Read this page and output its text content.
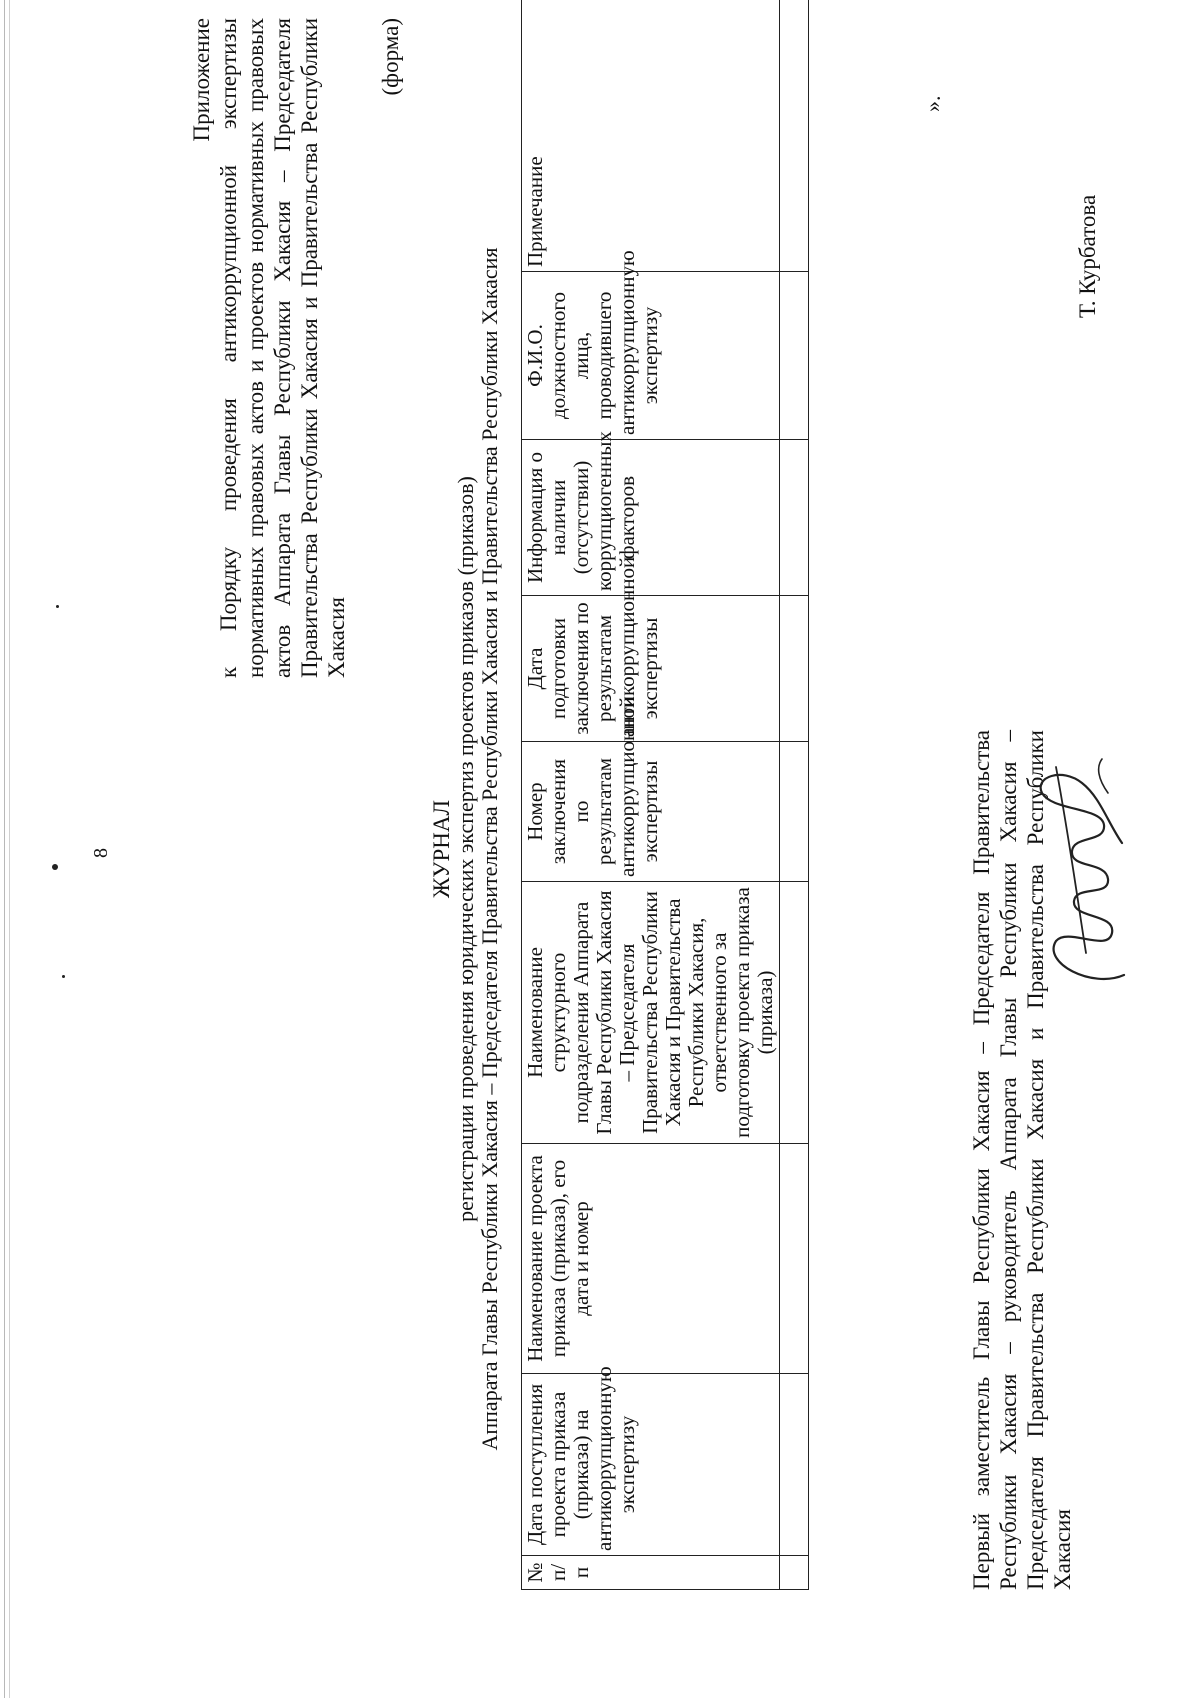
8
Приложение к Порядку проведения антикоррупционной экспертизы нормативных правовых актов и проектов нормативных правовых актов Аппарата Главы Республики Хакасия – Председателя Правительства Республики Хакасия и Правительства Республики Хакасия
(форма)
ЖУРНАЛ регистрации проведения юридических экспертиз проектов приказов (приказов) Аппарата Главы Республики Хакасия – Председателя Правительства Республики Хакасия и Правительства Республики Хакасия
№ п/п	Дата поступления проекта приказа (приказа) на антикоррупционную экспертизу	Наименование проекта приказа (приказа), его дата и номер	Наименование структурного подразделения Аппарата Главы Республики Хакасия – Председателя Правительства Республики Хакасия и Правительства Республики Хакасия, ответственного за подготовку проекта приказа (приказа)	Номер заключения по результатам антикоррупционной экспертизы	Дата подготовки заключения по результатам антикоррупционной экспертизы	Информация о наличии (отсутствии) коррупциогенных факторов	Ф.И.О. должностного лица, проводившего антикоррупционную экспертизу	Примечание

».
Первый заместитель Главы Республики Хакасия – Председателя Правительства Республики Хакасия – руководитель Аппарата Главы Республики Хакасия – Председателя Правительства Республики Хакасия и Правительства Республики Хакасия
Т. Курбатова
